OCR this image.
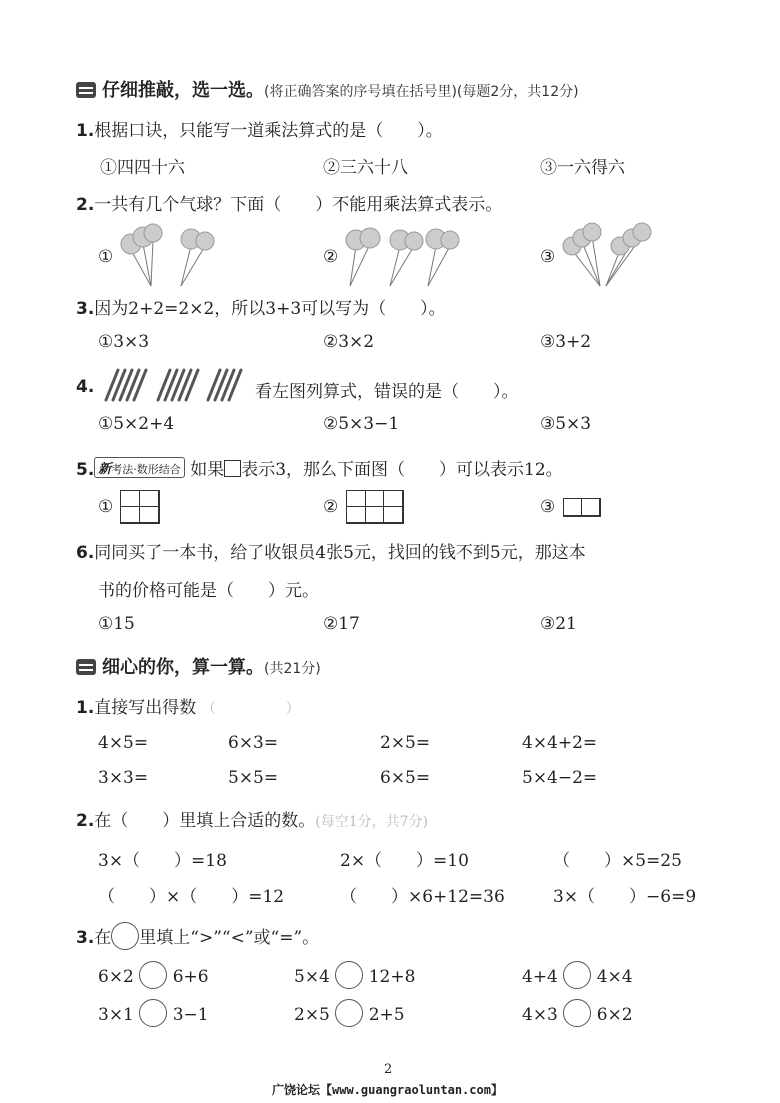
仔细推敲，选一选。(将正确答案的序号填在括号里)(每题2分，共12分)
1.根据口诀，只能写一道乘法算式的是（　　）。
①四四十六	②三六十八	③一六得六
2.一共有几个气球？下面（　　）不能用乘法算式表示。
①	②	③
3.因为2+2=2×2，所以3+3可以写为（　　）。
①3×3	②3×2	③3+2
4.	看左图列算式，错误的是（　　）。
①5×2+4	②5×3−1	③5×3
5. 新考法·数形结合 如果 表示3，那么下面图（　　）可以表示12。
①	②	③
6.同同买了一本书，给了收银员4张5元，找回的钱不到5元，那这本
书的价格可能是（　　）元。
①15	②17	③21
细心的你，算一算。(共21分)
1.直接写出得数 （　　　　　）
4×5=	6×3=	2×5=	4×4+2=
3×3=	5×5=	6×5=	5×4−2=
2.在（　　）里填上合适的数。(每空1分，共7分)
3×（　　）=18	2×（　　）=10	（　　）×5=25
（　　）×（　　）=12	（　　）×6+12=36	3×（　　）−6=9
3.在 里填上“>”“<”或“=”。
6×2 6+6	5×4 12+8	4+4 4×4
3×1 3−1	2×5 2+5	4×3 6×2
2
广饶论坛【www.guangraoluntan.com】
